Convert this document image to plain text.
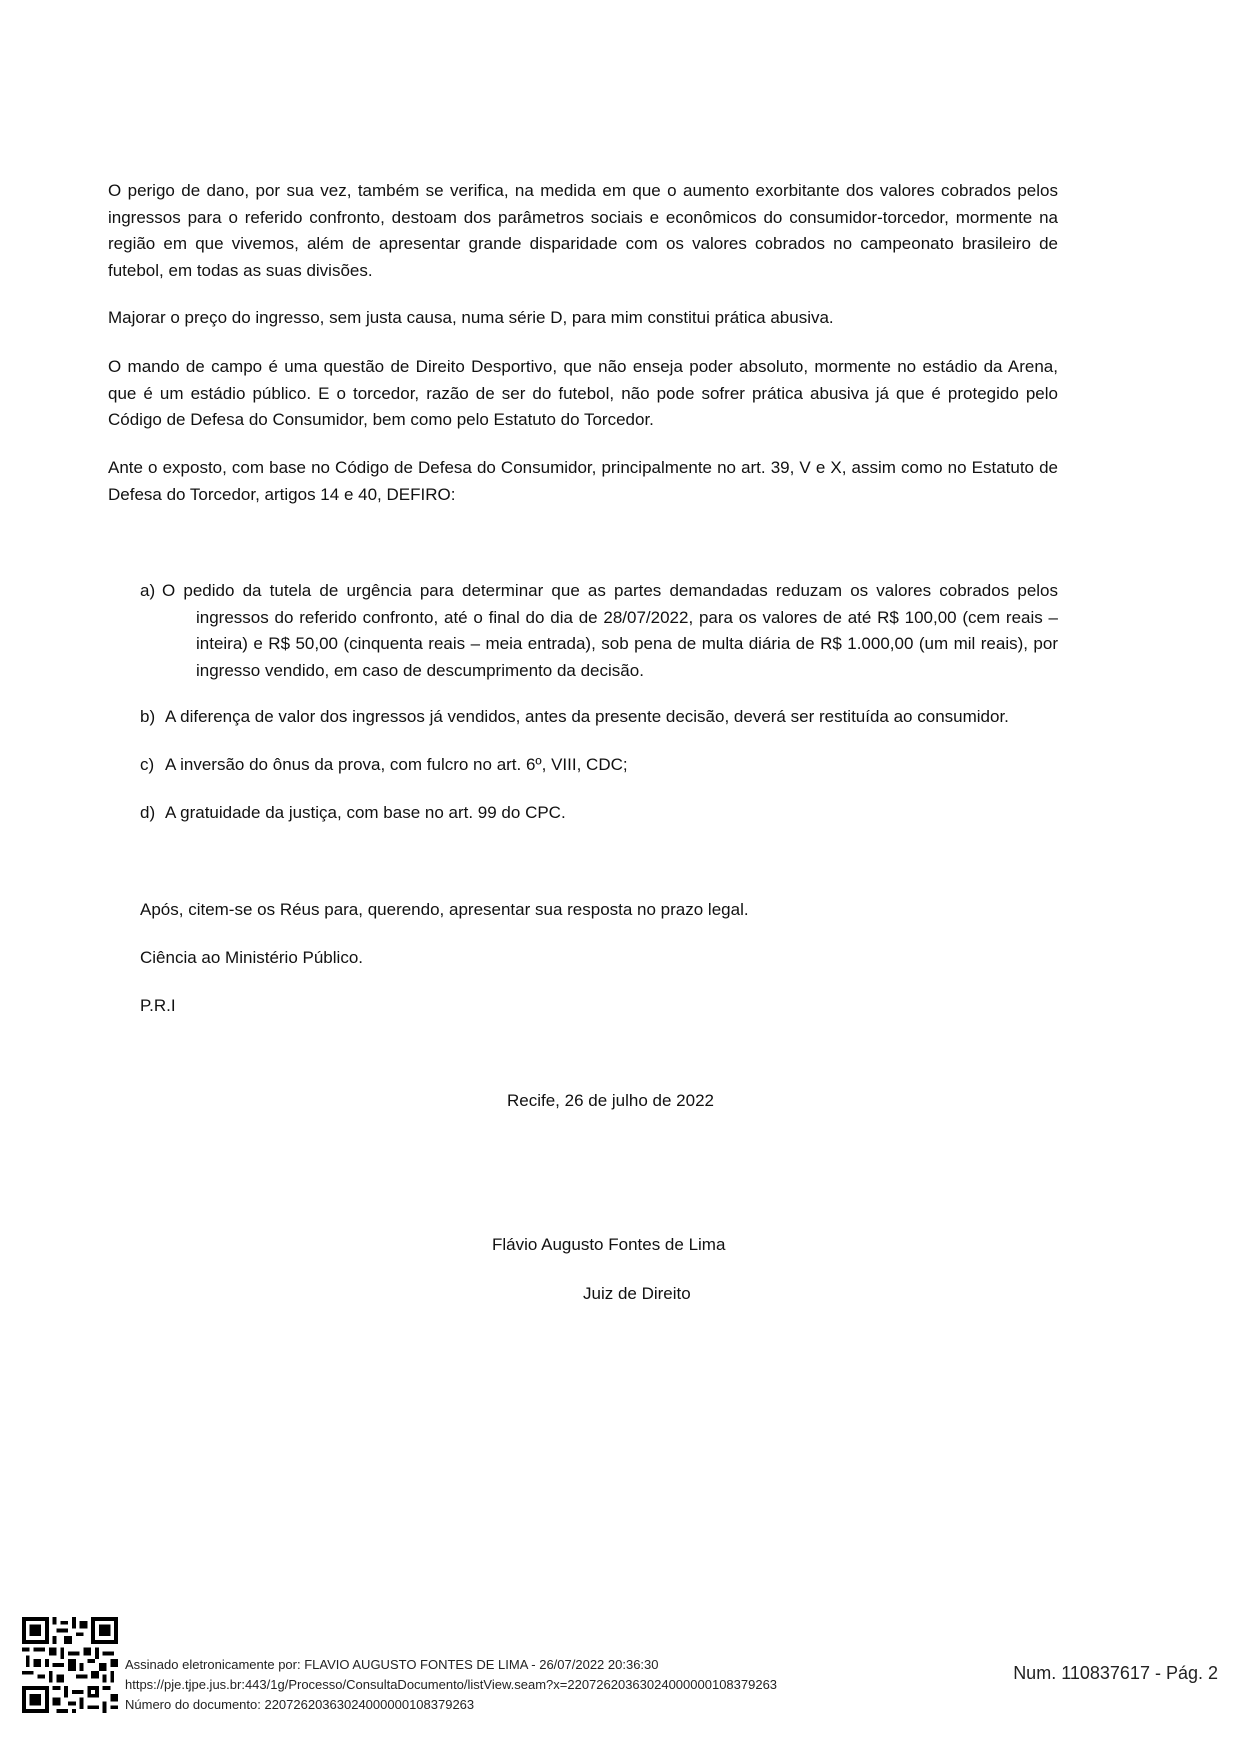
O perigo de dano, por sua vez, também se verifica, na medida em que o aumento exorbitante dos valores cobrados pelos ingressos para o referido confronto, destoam dos parâmetros sociais e econômicos do consumidor-torcedor, mormente na região em que vivemos, além de apresentar grande disparidade com os valores cobrados no campeonato brasileiro de futebol, em todas as suas divisões.

Majorar o preço do ingresso, sem justa causa, numa série D, para mim constitui prática abusiva.

O mando de campo é uma questão de Direito Desportivo, que não enseja poder absoluto, mormente no estádio da Arena, que é um estádio público. E o torcedor, razão de ser do futebol, não pode sofrer prática abusiva já que é protegido pelo Código de Defesa do Consumidor, bem como pelo Estatuto do Torcedor.

Ante o exposto, com base no Código de Defesa do Consumidor, principalmente no art. 39, V e X, assim como no Estatuto de Defesa do Torcedor, artigos 14 e 40, DEFIRO:

a) O pedido da tutela de urgência para determinar que as partes demandadas reduzam os valores cobrados pelos
ingressos do referido confronto, até o final do dia de 28/07/2022, para os valores de até R$ 100,00 (cem reais – inteira) e R$ 50,00 (cinquenta reais – meia entrada), sob pena de multa diária de R$ 1.000,00 (um mil reais), por ingresso vendido, em caso de descumprimento da decisão.
b) A diferença de valor dos ingressos já vendidos, antes da presente decisão, deverá ser restituída ao consumidor.
c) A inversão do ônus da prova, com fulcro no art. 6º, VIII, CDC;
d) A gratuidade da justiça, com base no art. 99 do CPC.
Após, citem-se os Réus para, querendo, apresentar sua resposta no prazo legal.
Ciência ao Ministério Público.
P.R.I
Recife, 26 de julho de 2022
Flávio Augusto Fontes de Lima
Juiz de Direito
Assinado eletronicamente por: FLAVIO AUGUSTO FONTES DE LIMA - 26/07/2022 20:36:30
https://pje.tjpe.jus.br:443/1g/Processo/ConsultaDocumento/listView.seam?x=22072620363024000000108379263
Número do documento: 22072620363024000000108379263
Num. 110837617 - Pág. 2
